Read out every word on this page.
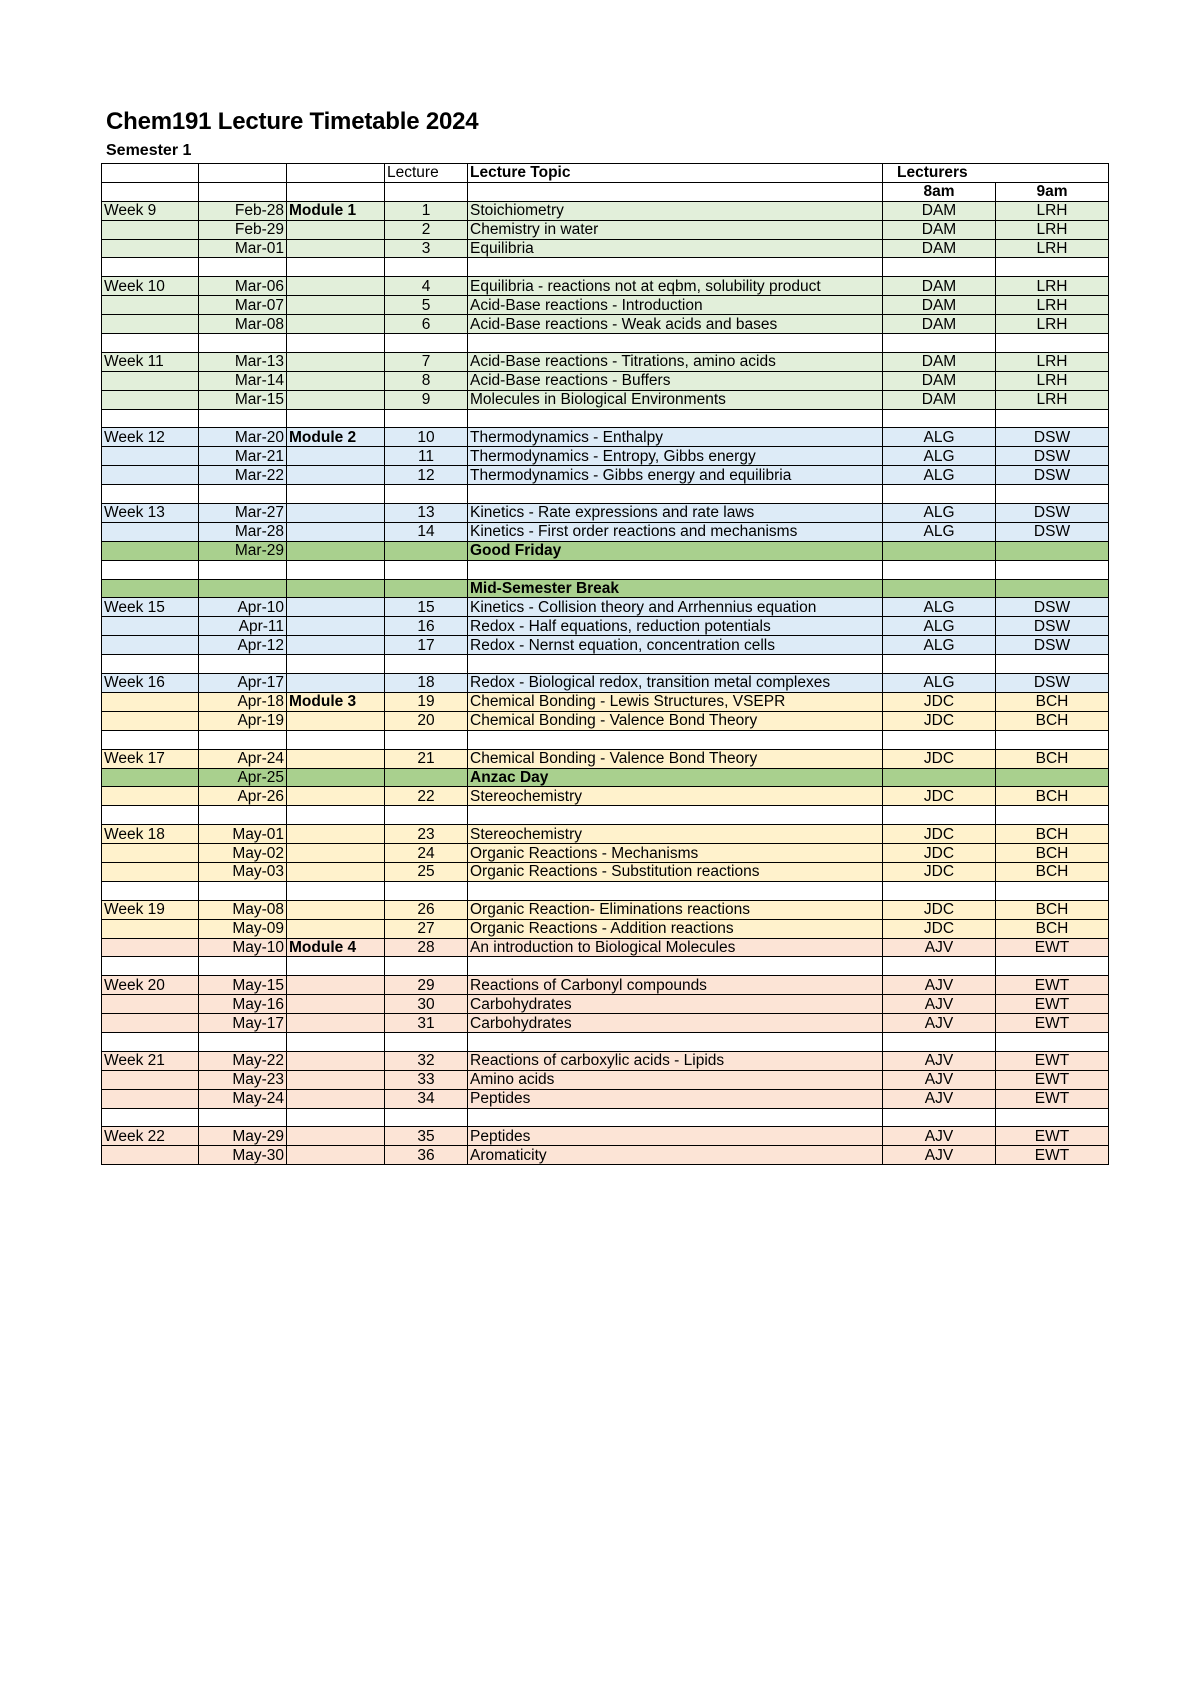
Chem191 Lecture Timetable 2024
Semester 1
			Lecture	Lecture Topic	Lecturers	
					8am	9am
Week 9	Feb-28	Module 1	1	Stoichiometry	DAM	LRH
	Feb-29		2	Chemistry in water	DAM	LRH
	Mar-01		3	Equilibria	DAM	LRH

Week 10	Mar-06		4	Equilibria - reactions not at eqbm, solubility product	DAM	LRH
	Mar-07		5	Acid-Base reactions - Introduction	DAM	LRH
	Mar-08		6	Acid-Base reactions - Weak acids and bases	DAM	LRH

Week 11	Mar-13		7	Acid-Base reactions - Titrations, amino acids	DAM	LRH
	Mar-14		8	Acid-Base reactions - Buffers	DAM	LRH
	Mar-15		9	Molecules in Biological Environments	DAM	LRH

Week 12	Mar-20	Module 2	10	Thermodynamics - Enthalpy	ALG	DSW
	Mar-21		11	Thermodynamics - Entropy, Gibbs energy	ALG	DSW
	Mar-22		12	Thermodynamics - Gibbs energy and equilibria	ALG	DSW

Week 13	Mar-27		13	Kinetics - Rate expressions and rate laws	ALG	DSW
	Mar-28		14	Kinetics - First order reactions and mechanisms	ALG	DSW
	Mar-29			Good Friday		

				Mid-Semester Break		
Week 15	Apr-10		15	Kinetics - Collision theory and Arrhennius equation	ALG	DSW
	Apr-11		16	Redox - Half equations, reduction potentials	ALG	DSW
	Apr-12		17	Redox - Nernst equation, concentration cells	ALG	DSW

Week 16	Apr-17		18	Redox - Biological redox, transition metal complexes	ALG	DSW
	Apr-18	Module 3	19	Chemical Bonding - Lewis Structures, VSEPR	JDC	BCH
	Apr-19		20	Chemical Bonding - Valence Bond Theory	JDC	BCH

Week 17	Apr-24		21	Chemical Bonding - Valence Bond Theory	JDC	BCH
	Apr-25			Anzac Day		
	Apr-26		22	Stereochemistry	JDC	BCH

Week 18	May-01		23	Stereochemistry	JDC	BCH
	May-02		24	Organic Reactions - Mechanisms	JDC	BCH
	May-03		25	Organic Reactions - Substitution reactions	JDC	BCH

Week 19	May-08		26	Organic Reaction- Eliminations reactions	JDC	BCH
	May-09		27	Organic Reactions - Addition reactions	JDC	BCH
	May-10	Module 4	28	An introduction to Biological Molecules	AJV	EWT

Week 20	May-15		29	Reactions of Carbonyl compounds	AJV	EWT
	May-16		30	Carbohydrates	AJV	EWT
	May-17		31	Carbohydrates	AJV	EWT

Week 21	May-22		32	Reactions of carboxylic acids - Lipids	AJV	EWT
	May-23		33	Amino acids	AJV	EWT
	May-24		34	Peptides	AJV	EWT

Week 22	May-29		35	Peptides	AJV	EWT
	May-30		36	Aromaticity	AJV	EWT
